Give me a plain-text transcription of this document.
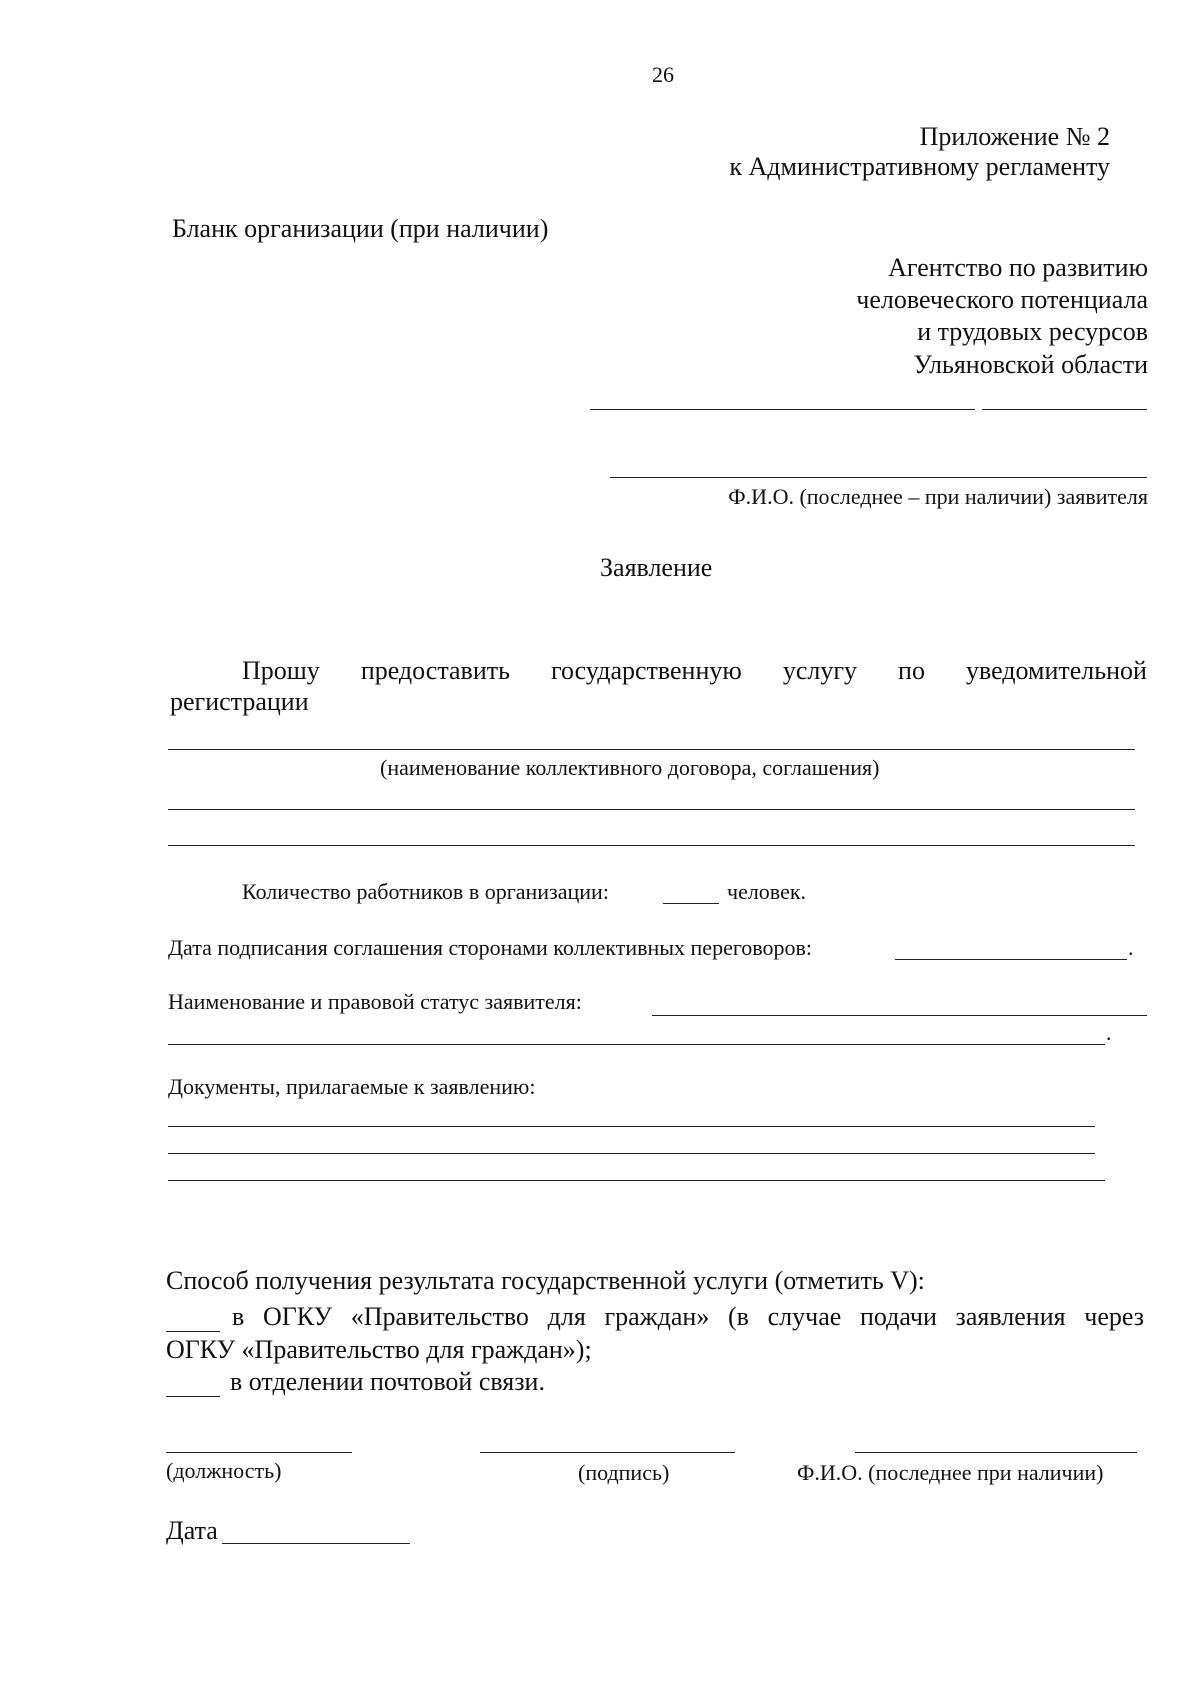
26
Приложение № 2
к Административному регламенту
Бланк организации (при наличии)
Агентство по развитию
человеческого потенциала
и трудовых ресурсов
Ульяновской области
Ф.И.О. (последнее – при наличии) заявителя
Заявление
Прошу предоставить государственную услугу по уведомительной
регистрации
(наименование коллективного договора, соглашения)
Количество работников в организации:	человек.
Дата подписания соглашения сторонами коллективных переговоров:	.
Наименование и правовой статус заявителя:
.
Документы, прилагаемые к заявлению:
Способ получения результата государственной услуги (отметить V):
в ОГКУ «Правительство для граждан» (в случае подачи заявления через
ОГКУ «Правительство для граждан»);
в отделении почтовой связи.
(должность)	(подпись)	Ф.И.О. (последнее при наличии)
Дата
